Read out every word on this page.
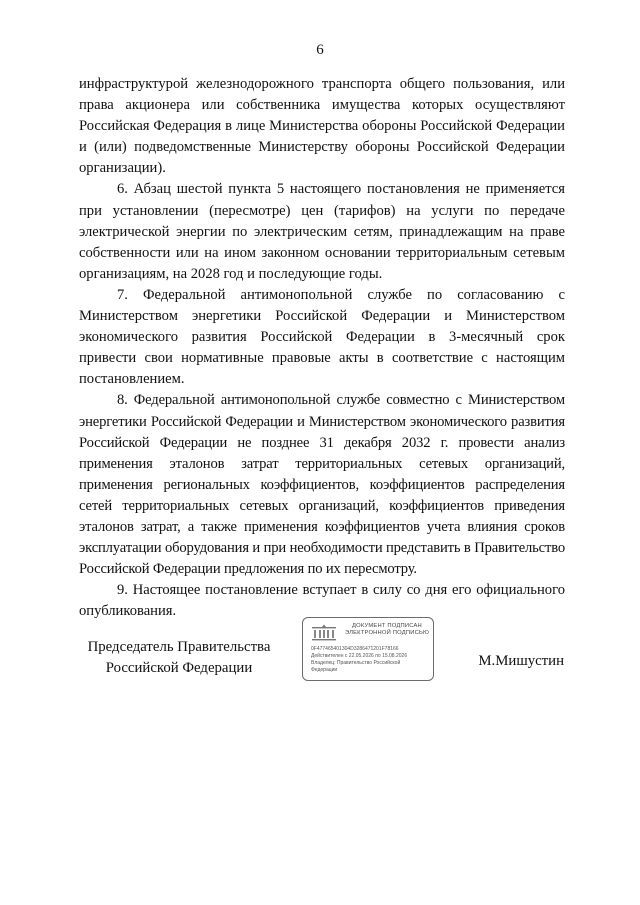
6

инфраструктурой железнодорожного транспорта общего пользования, или права акционера или собственника имущества которых осуществляют Российская Федерация в лице Министерства обороны Российской Федерации и (или) подведомственные Министерству обороны Российской Федерации организации).

6. Абзац шестой пункта 5 настоящего постановления не применяется при установлении (пересмотре) цен (тарифов) на услуги по передаче электрической энергии по электрическим сетям, принадлежащим на праве собственности или на ином законном основании территориальным сетевым организациям, на 2028 год и последующие годы.

7. Федеральной антимонопольной службе по согласованию с Министерством энергетики Российской Федерации и Министерством экономического развития Российской Федерации в 3-месячный срок привести свои нормативные правовые акты в соответствие с настоящим постановлением.

8. Федеральной антимонопольной службе совместно с Министерством энергетики Российской Федерации и Министерством экономического развития Российской Федерации не позднее 31 декабря 2032 г. провести анализ применения эталонов затрат территориальных сетевых организаций, применения региональных коэффициентов, коэффициентов распределения сетей территориальных сетевых организаций, коэффициентов приведения эталонов затрат, а также применения коэффициентов учета влияния сроков эксплуатации оборудования и при необходимости представить в Правительство Российской Федерации предложения по их пересмотру.

9. Настоящее постановление вступает в силу со дня его официального опубликования.

Председатель Правительства
Российской Федерации
ДОКУМЕНТ ПОДПИСАН
ЭЛЕКТРОННОЙ ПОДПИСЬЮ
0F477465401304D3286471201F78166
Действителен с 22.05.2026 по 15.08.2026
Владелец: Правительство Российской
Федерации
М.Мишустин
